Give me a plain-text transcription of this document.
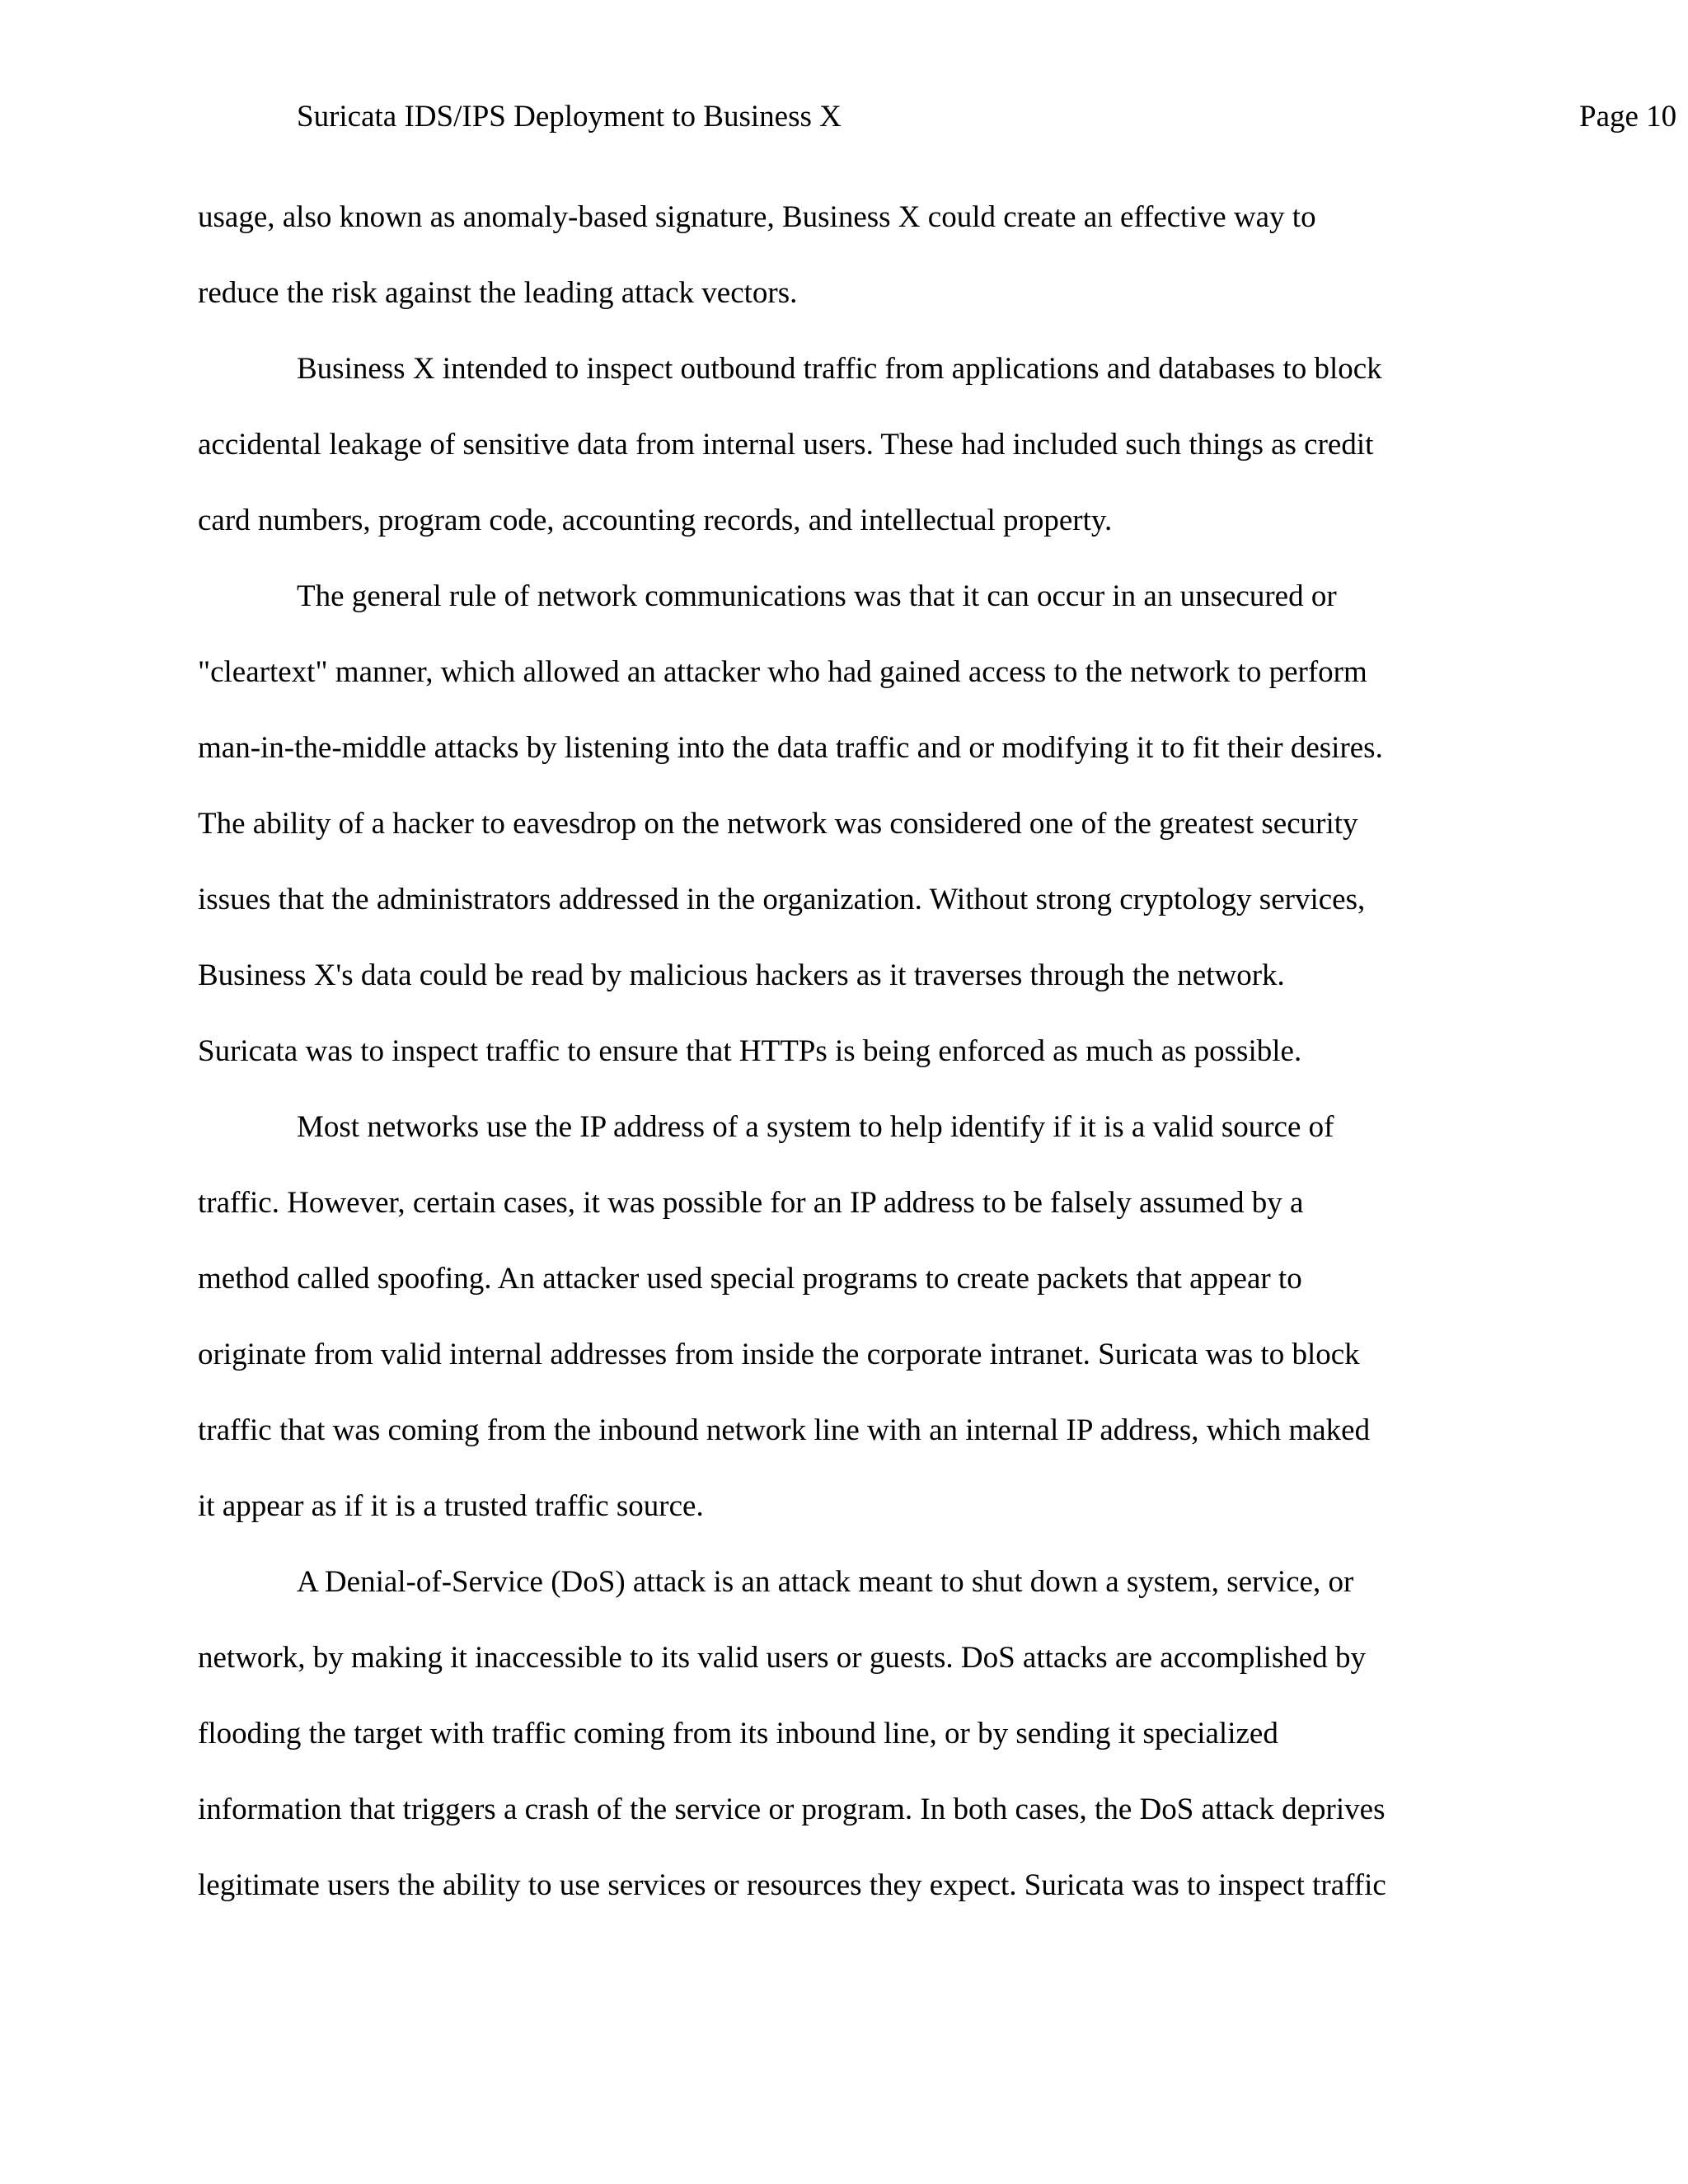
Suricata IDS/IPS Deployment to Business X	Page 10
usage, also known as anomaly-based signature, Business X could create an effective way to
reduce the risk against the leading attack vectors.
Business X intended to inspect outbound traffic from applications and databases to block
accidental leakage of sensitive data from internal users. These had included such things as credit
card numbers, program code, accounting records, and intellectual property.
The general rule of network communications was that it can occur in an unsecured or
"cleartext" manner, which allowed an attacker who had gained access to the network to perform
man-in-the-middle attacks by listening into the data traffic and or modifying it to fit their desires.
The ability of a hacker to eavesdrop on the network was considered one of the greatest security
issues that the administrators addressed in the organization. Without strong cryptology services,
Business X's data could be read by malicious hackers as it traverses through the network.
Suricata was to inspect traffic to ensure that HTTPs is being enforced as much as possible.
Most networks use the IP address of a system to help identify if it is a valid source of
traffic. However, certain cases, it was possible for an IP address to be falsely assumed by a
method called spoofing. An attacker used special programs to create packets that appear to
originate from valid internal addresses from inside the corporate intranet. Suricata was to block
traffic that was coming from the inbound network line with an internal IP address, which maked
it appear as if it is a trusted traffic source.
A Denial-of-Service (DoS) attack is an attack meant to shut down a system, service, or
network, by making it inaccessible to its valid users or guests. DoS attacks are accomplished by
flooding the target with traffic coming from its inbound line, or by sending it specialized
information that triggers a crash of the service or program. In both cases, the DoS attack deprives
legitimate users the ability to use services or resources they expect. Suricata was to inspect traffic
